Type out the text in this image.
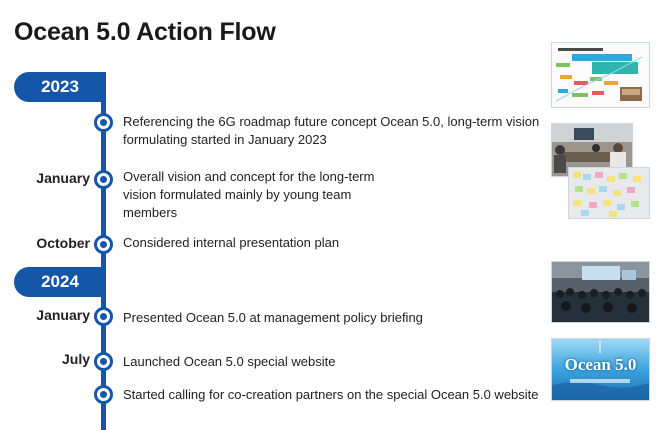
Ocean 5.0 Action Flow
2023
2024
Referencing the 6G roadmap future concept Ocean 5.0, long-term vision formulating started in January 2023
January	Overall vision and concept for the long-term vision formulated mainly by young team members
October	Considered internal presentation plan
January	Presented Ocean 5.0 at management policy briefing
July	Launched Ocean 5.0 special website
Started calling for co-creation partners on the special Ocean 5.0 website
Ocean 5.0
